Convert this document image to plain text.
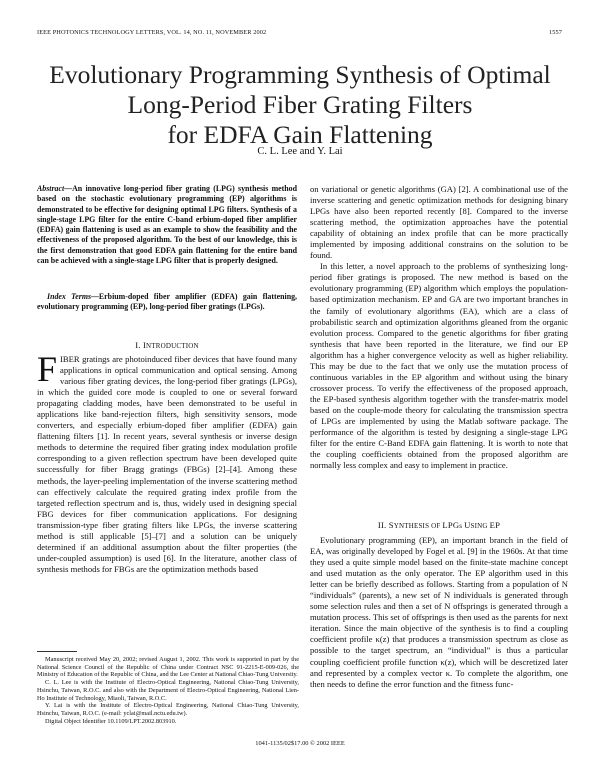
IEEE PHOTONICS TECHNOLOGY LETTERS, VOL. 14, NO. 11, NOVEMBER 2002	1557
Evolutionary Programming Synthesis of Optimal
Long-Period Fiber Grating Filters
for EDFA Gain Flattening
C. L. Lee and Y. Lai
Abstract—An innovative long-period fiber grating (LPG) synthesis method based on the stochastic evolutionary programming (EP) algorithms is demonstrated to be effective for designing optimal LPG filters. Synthesis of a single-stage LPG filter for the entire C-band erbium-doped fiber amplifier (EDFA) gain flattening is used as an example to show the feasibility and the effectiveness of the proposed algorithm. To the best of our knowledge, this is the first demonstration that good EDFA gain flattening for the entire band can be achieved with a single-stage LPG filter that is properly designed.
Index Terms—Erbium-doped fiber amplifier (EDFA) gain flattening, evolutionary programming (EP), long-period fiber gratings (LPGs).
I. INTRODUCTION

FIBER gratings are photoinduced fiber devices that have found many applications in optical communication and optical sensing. Among various fiber grating devices, the long-period fiber gratings (LPGs), in which the guided core mode is coupled to one or several forward propagating cladding modes, have been demonstrated to be useful in applications like band-rejection filters, high sensitivity sensors, mode converters, and especially erbium-doped fiber amplifier (EDFA) gain flattening filters [1]. In recent years, several synthesis or inverse design methods to determine the required fiber grating index modulation profile corresponding to a given reflection spectrum have been developed quite successfully for fiber Bragg gratings (FBGs) [2]–[4]. Among these methods, the layer-peeling implementation of the inverse scattering method can effectively calculate the required grating index profile from the targeted reflection spectrum and is, thus, widely used in designing special FBG devices for fiber communication applications. For designing transmission-type fiber grating filters like LPGs, the inverse scattering method is still applicable [5]–[7] and a solution can be uniquely determined if an additional assumption about the filter properties (the under-coupled assumption) is used [6]. In the literature, another class of synthesis methods for FBGs are the optimization methods based

Manuscript received May 20, 2002; revised August 1, 2002. This work is supported in part by the National Science Council of the Republic of China under Contract NSC 91-2215-E-009-026, the Ministry of Education of the Republic of China, and the Lee Center at National Chiao-Tung University.

C. L. Lee is with the Institute of Electro-Optical Engineering, National Chiao-Tung University, Hsinchu, Taiwan, R.O.C. and also with the Department of Electro-Optical Engineering, National Lien-Ho Institute of Technology, Miaoli, Taiwan, R.O.C.

Y. Lai is with the Institute of Electro-Optical Engineering, National Chiao-Tung University, Hsinchu, Taiwan, R.O.C. (e-mail: yclai@mail.nctu.edu.tw).

Digital Object Identifier 10.1109/LPT.2002.803910.

on variational or genetic algorithms (GA) [2]. A combinational use of the inverse scattering and genetic optimization methods for designing binary LPGs have also been reported recently [8]. Compared to the inverse scattering method, the optimization approaches have the potential capability of obtaining an index profile that can be more practically implemented by imposing additional constrains on the solution to be found.

In this letter, a novel approach to the problems of synthesizing long-period fiber gratings is proposed. The new method is based on the evolutionary programming (EP) algorithm which employs the population-based optimization mechanism. EP and GA are two important branches in the family of evolutionary algorithms (EA), which are a class of probabilistic search and optimization algorithms gleaned from the organic evolution process. Compared to the genetic algorithms for fiber grating synthesis that have been reported in the literature, we find our EP algorithm has a higher convergence velocity as well as higher reliability. This may be due to the fact that we only use the mutation process of continuous variables in the EP algorithm and without using the binary crossover process. To verify the effectiveness of the proposed approach, the EP-based synthesis algorithm together with the transfer-matrix model based on the couple-mode theory for calculating the transmission spectra of LPGs are implemented by using the Matlab software package. The performance of the algorithm is tested by designing a single-stage LPG filter for the entire C-Band EDFA gain flattening. It is worth to note that the coupling coefficients obtained from the proposed algorithm are normally less complex and easy to implement in practice.

II. SYNTHESIS OF LPGs USING EP

Evolutionary programming (EP), an important branch in the field of EA, was originally developed by Fogel et al. [9] in the 1960s. At that time they used a quite simple model based on the finite-state machine concept and used mutation as the only operator. The EP algorithm used in this letter can be briefly described as follows. Starting from a population of N “individuals” (parents), a new set of N individuals is generated through some selection rules and then a set of N offsprings is generated through a mutation process. This set of offsprings is then used as the parents for next iteration. Since the main objective of the synthesis is to find a coupling coefficient profile κ(z) that produces a transmission spectrum as close as possible to the target spectrum, an “individual” is thus a particular coupling coefficient profile function κ(z), which will be descretized later and represented by a complex vector κ. To complete the algorithm, one then needs to define the error function and the fitness func-

1041-1135/02$17.00 © 2002 IEEE
